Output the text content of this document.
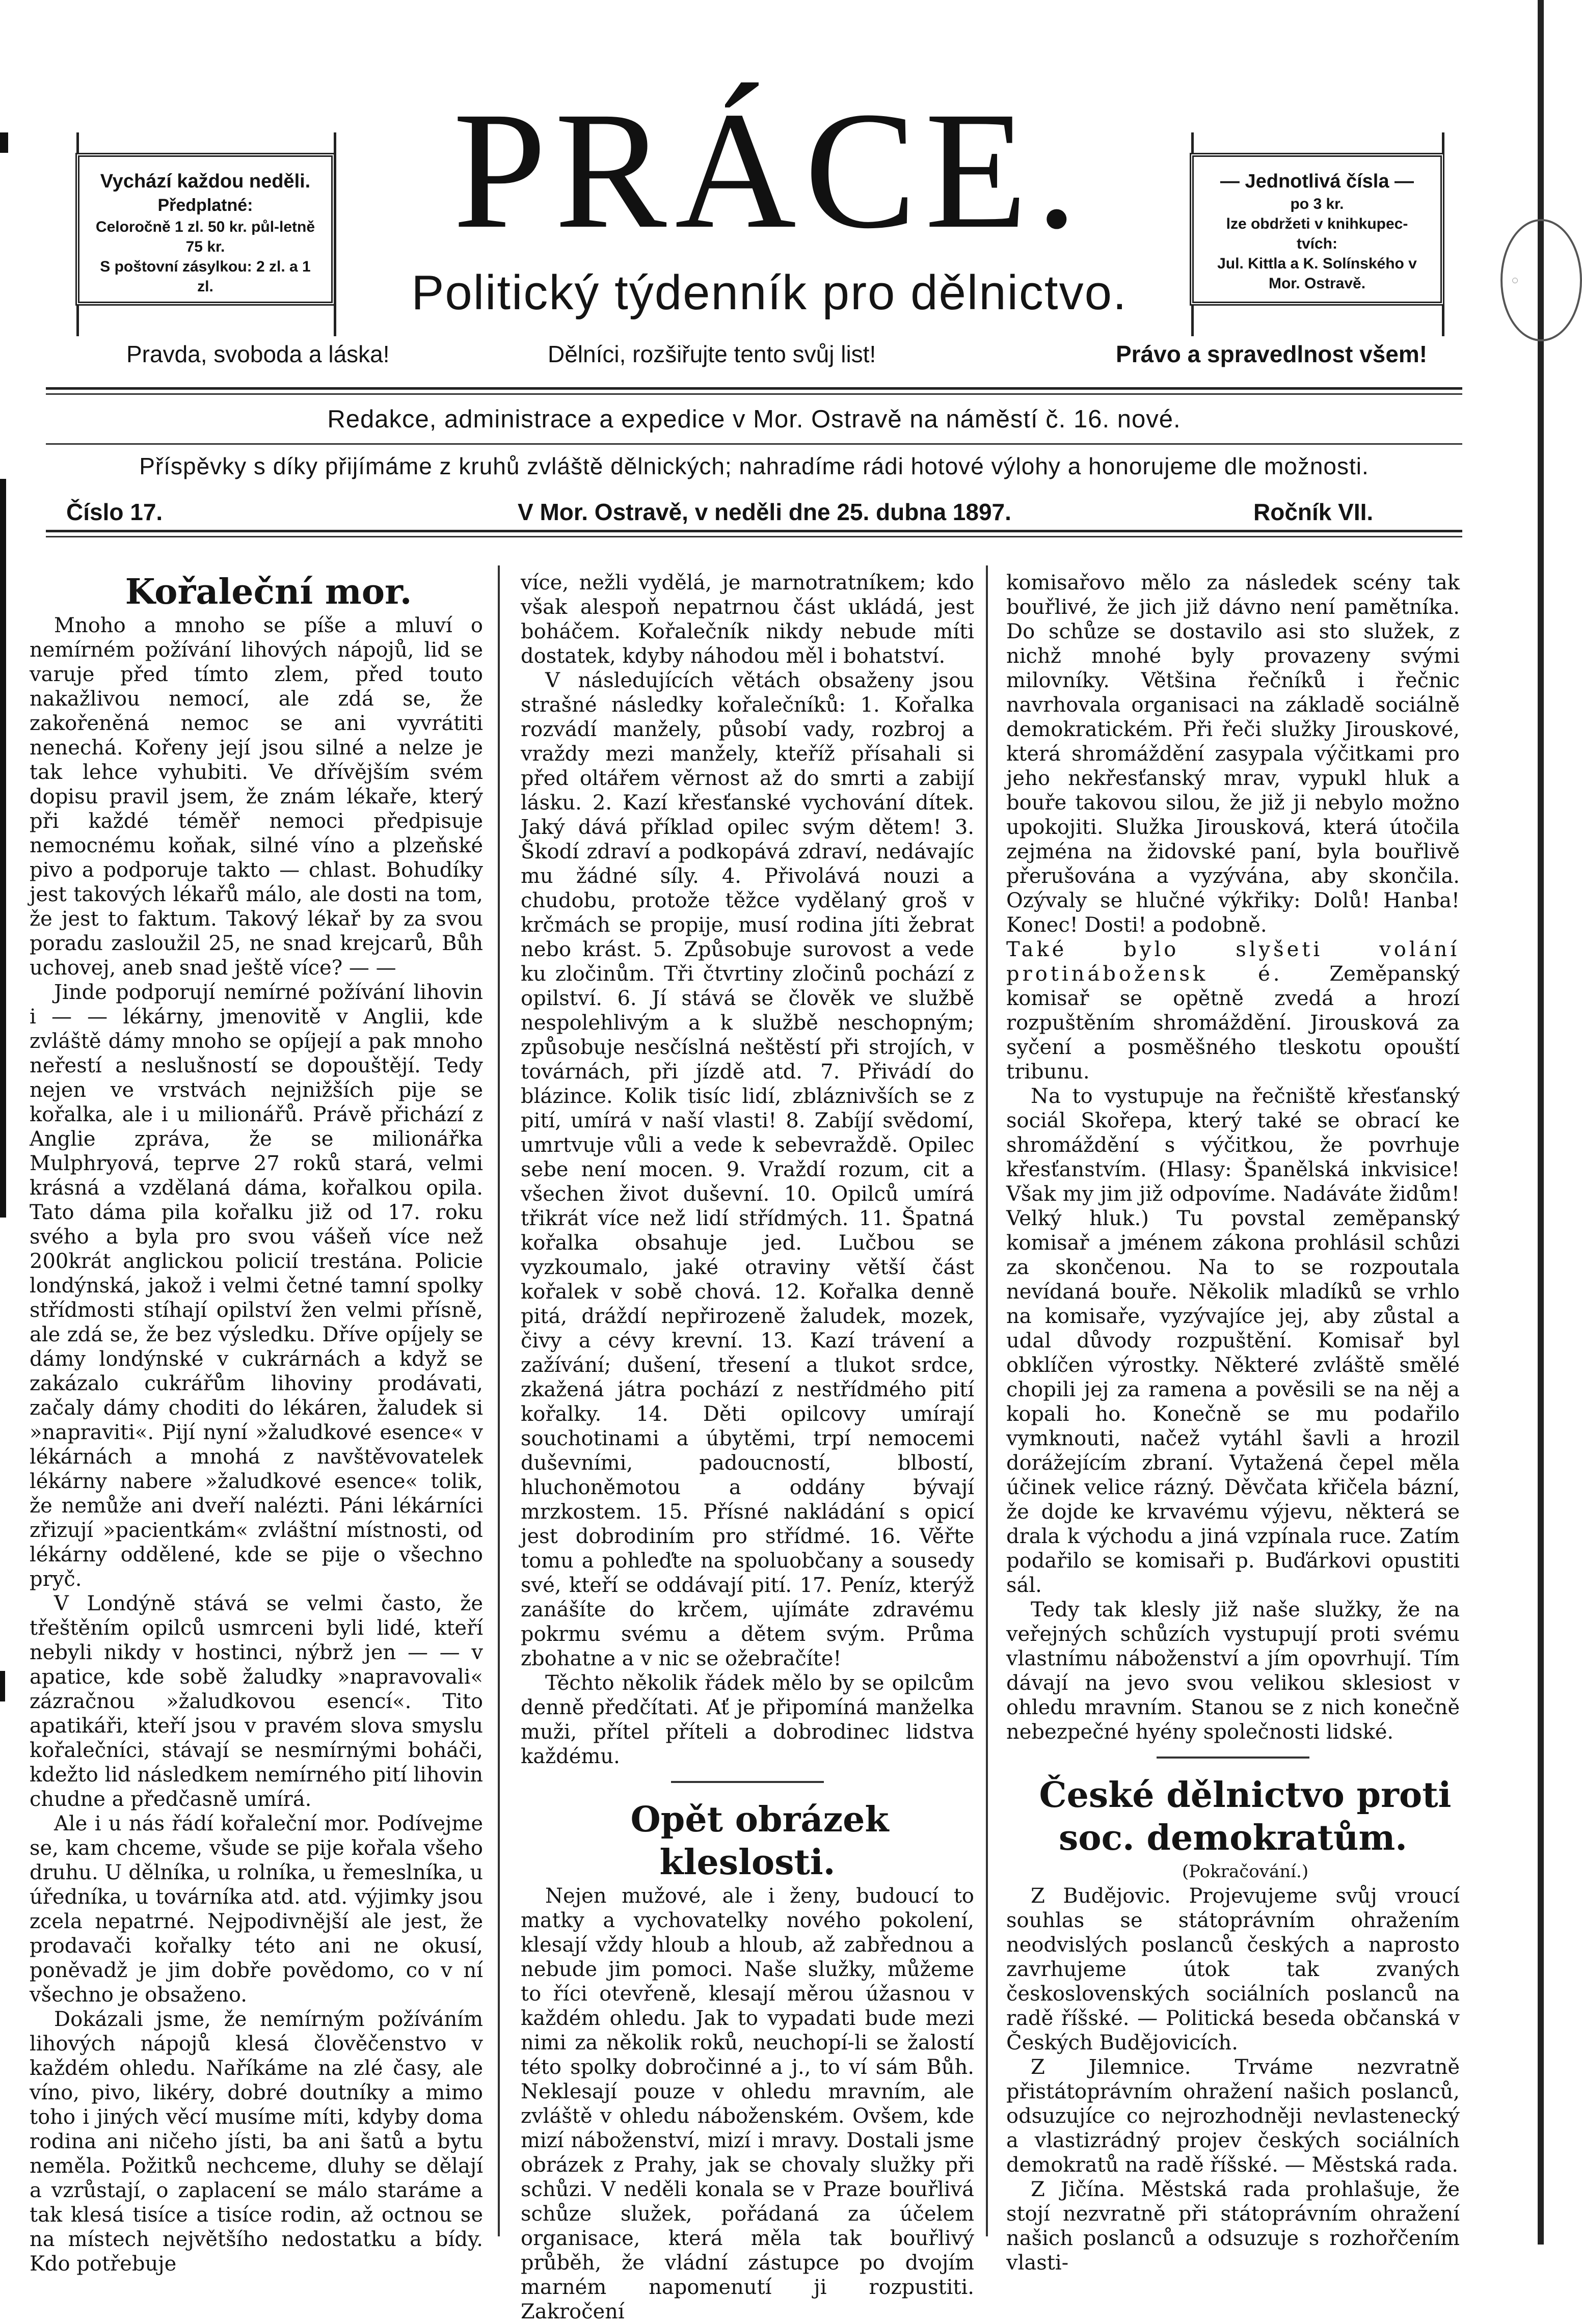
◌
PRÁCE.
Politický týdenník pro dělnictvo.
Vychází každou neděli.
Předplatné:
Celoročně 1 zl. 50 kr. půl-letně 75 kr.
S poštovní zásylkou: 2 zl. a 1 zl.
— Jednotlivá čísla —
po 3 kr.
lze obdržeti v knihkupec-tvích:
Jul. Kittla a K. Solínského v Mor. Ostravě.
Pravda, svoboda a láska!	Dělníci, rozšiřujte tento svůj list!	Právo a spravedlnost všem!
Redakce, administrace a expedice v Mor. Ostravě na náměstí č. 16. nové.
Příspěvky s díky přijímáme z kruhů zvláště dělnických; nahradíme rádi hotové výlohy a honorujeme dle možnosti.
Číslo 17.	V Mor. Ostravě, v neděli dne 25. dubna 1897.	Ročník VII.

Kořaleční mor.

Mnoho a mnoho se píše a mluví o nemírném požívání lihových nápojů, lid se varuje před tímto zlem, před touto nakažlivou nemocí, ale zdá se, že zakořeněná nemoc se ani vyvrátiti nenechá. Kořeny její jsou silné a nelze je tak lehce vyhubiti. Ve dřívějším svém dopisu pravil jsem, že znám lékaře, který při každé téměř nemoci předpisuje nemocnému koňak, silné víno a plzeňské pivo a podporuje takto — chlast. Bohudíky jest takových lékařů málo, ale dosti na tom, že jest to faktum. Takový lékař by za svou poradu zasloužil 25, ne snad krejcarů, Bůh uchovej, aneb snad ještě více? — —

Jinde podporují nemírné požívání lihovin i — — lékárny, jmenovitě v Anglii, kde zvláště dámy mnoho se opíjejí a pak mnoho neřestí a neslušností se dopouštějí. Tedy nejen ve vrstvách nejnižších pije se kořalka, ale i u milionářů. Právě přichází z Anglie zpráva, že se milionářka Mulphryová, teprve 27 roků stará, velmi krásná a vzdělaná dáma, kořalkou opila. Tato dáma pila kořalku již od 17. roku svého a byla pro svou vášeň více než 200krát anglickou policií trestána. Policie londýnská, jakož i velmi četné tamní spolky střídmosti stíhají opilství žen velmi přísně, ale zdá se, že bez výsledku. Dříve opíjely se dámy londýnské v cukrárnách a když se zakázalo cukrářům lihoviny prodávati, začaly dámy choditi do lékáren, žaludek si »napraviti«. Pijí nyní »žaludkové esence« v lékárnách a mnohá z navštěvovatelek lékárny nabere »žaludkové esence« tolik, že nemůže ani dveří nalézti. Páni lékárníci zřizují »pacientkám« zvláštní místnosti, od lékárny oddělené, kde se pije o všechno pryč.

V Londýně stává se velmi často, že třeštěním opilců usmrceni byli lidé, kteří nebyli nikdy v hostinci, nýbrž jen — — v apatice, kde sobě žaludky »napravovali« zázračnou »žaludkovou esencí«. Tito apatikáři, kteří jsou v pravém slova smyslu kořalečníci, stávají se nesmírnými boháči, kdežto lid následkem nemírného pití lihovin chudne a předčasně umírá.

Ale i u nás řádí kořaleční mor. Podívejme se, kam chceme, všude se pije kořala všeho druhu. U dělníka, u rolníka, u řemeslníka, u úředníka, u továrníka atd. atd. výjimky jsou zcela nepatrné. Nejpodivnější ale jest, že prodavači kořalky této ani ne okusí, poněvadž je jim dobře povědomo, co v ní všechno je obsaženo.

Dokázali jsme, že nemírným požíváním lihových nápojů klesá člověčenstvo v každém ohledu. Naříkáme na zlé časy, ale víno, pivo, likéry, dobré doutníky a mimo toho i jiných věcí musíme míti, kdyby doma rodina ani ničeho jísti, ba ani šatů a bytu neměla. Požitků nechceme, dluhy se dělají a vzrůstají, o zaplacení se málo staráme a tak klesá tisíce a tisíce rodin, až octnou se na místech největšího nedostatku a bídy. Kdo potřebuje

více, nežli vydělá, je marnotratníkem; kdo však alespoň nepatrnou část ukládá, jest boháčem. Kořalečník nikdy nebude míti dostatek, kdyby náhodou měl i bohatství.

V následujících větách obsaženy jsou strašné následky kořalečníků: 1. Kořalka rozvádí manžely, působí vady, rozbroj a vraždy mezi manžely, kteříž přísahali si před oltářem věrnost až do smrti a zabijí lásku. 2. Kazí křesťanské vychování dítek. Jaký dává příklad opilec svým dětem! 3. Škodí zdraví a podkopává zdraví, nedávajíc mu žádné síly. 4. Přivolává nouzi a chudobu, protože těžce vydělaný groš v krčmách se propije, musí rodina jíti žebrat nebo krást. 5. Způsobuje surovost a vede ku zločinům. Tři čtvrtiny zločinů pochází z opilství. 6. Jí stává se člověk ve službě nespolehlivým a k službě neschopným; způsobuje nesčíslná neštěstí při strojích, v továrnách, při jízdě atd. 7. Přivádí do blázince. Kolik tisíc lidí, zbláznivších se z pití, umírá v naší vlasti! 8. Zabíjí svědomí, umrtvuje vůli a vede k sebevraždě. Opilec sebe není mocen. 9. Vraždí rozum, cit a všechen život duševní. 10. Opilců umírá třikrát více než lidí střídmých. 11. Špatná kořalka obsahuje jed. Lučbou se vyzkoumalo, jaké otraviny větší část kořalek v sobě chová. 12. Kořalka denně pitá, dráždí nepřirozeně žaludek, mozek, čivy a cévy krevní. 13. Kazí trávení a zažívání; dušení, třesení a tlukot srdce, zkažená játra pochází z nestřídmého pití kořalky. 14. Děti opilcovy umírají souchotinami a úbytěmi, trpí nemocemi duševními, padoucností, blbostí, hluchoněmotou a oddány bývají mrzkostem. 15. Přísné nakládání s opicí jest dobrodiním pro střídmé. 16. Věřte tomu a pohleďte na spoluobčany a sousedy své, kteří se oddávají pití. 17. Peníz, kterýž zanášíte do krčem, ujímáte zdravému pokrmu svému a dětem svým. Průma zbohatne a v nic se ožebračíte!

Těchto několik řádek mělo by se opilcům denně předčítati. Ať je připomíná manželka muži, přítel příteli a dobrodinec lidstva každému.

Opět obrázek kleslosti.

Nejen mužové, ale i ženy, budoucí to matky a vychovatelky nového pokolení, klesají vždy hloub a hloub, až zabřednou a nebude jim pomoci. Naše služky, můžeme to říci otevřeně, klesají měrou úžasnou v každém ohledu. Jak to vypadati bude mezi nimi za několik roků, neuchopí-li se žalostí této spolky dobročinné a j., to ví sám Bůh. Neklesají pouze v ohledu mravním, ale zvláště v ohledu náboženském. Ovšem, kde mizí náboženství, mizí i mravy. Dostali jsme obrázek z Prahy, jak se chovaly služky při schůzi. V neděli konala se v Praze bouřlivá schůze služek, pořádaná za účelem organisace, která měla tak bouřlivý průběh, že vládní zástupce po dvojím marném napomenutí ji rozpustiti. Zakročení

komisařovo mělo za následek scény tak bouřlivé, že jich již dávno není pamětníka. Do schůze se dostavilo asi sto služek, z nichž mnohé byly provazeny svými milovníky. Většina řečníků i řečnic navrhovala organisaci na základě sociálně demokratickém. Při řeči služky Jirouskové, která shromáždění zasypala výčitkami pro jeho nekřesťanský mrav, vypukl hluk a bouře takovou silou, že již ji nebylo možno upokojiti. Služka Jirousková, která útočila zejména na židovské paní, byla bouřlivě přerušována a vyzývána, aby skončila. Ozývaly se hlučné výkřiky: Dolů! Hanba! Konec! Dosti! a podobně.

Také bylo slyšeti volání protinábožensk é. Zeměpanský komisař se opětně zvedá a hrozí rozpuštěním shromáždění. Jirousková za syčení a posměšného tleskotu opouští tribunu.

Na to vystupuje na řečniště křesťanský sociál Skořepa, který také se obrací ke shromáždění s výčitkou, že povrhuje křesťanstvím. (Hlasy: Španělská inkvisice! Však my jim již odpovíme. Nadáváte židům! Velký hluk.) Tu povstal zeměpanský komisař a jménem zákona prohlásil schůzi za skončenou. Na to se rozpoutala nevídaná bouře. Několik mladíků se vrhlo na komisaře, vyzývajíce jej, aby zůstal a udal důvody rozpuštění. Komisař byl obklíčen výrostky. Některé zvláště smělé chopili jej za ramena a pověsili se na něj a kopali ho. Konečně se mu podařilo vymknouti, načež vytáhl šavli a hrozil dorážejícím zbraní. Vytažená čepel měla účinek velice rázný. Děvčata křičela bázní, že dojde ke krvavému výjevu, některá se drala k východu a jiná vzpínala ruce. Zatím podařilo se komisaři p. Buďárkovi opustiti sál.

Tedy tak klesly již naše služky, že na veřejných schůzích vystupují proti svému vlastnímu náboženství a jím opovrhují. Tím dávají na jevo svou velikou sklesiost v ohledu mravním. Stanou se z nich konečně nebezpečné hyény společnosti lidské.

České dělnictvo proti soc. demokratům.

(Pokračování.)

Z Budějovic. Projevujeme svůj vroucí souhlas se státoprávním ohražením neodvislých poslanců českých a naprosto zavrhujeme útok tak zvaných československých sociálních poslanců na radě říšské. — Politická beseda občanská v Českých Budějovicích.

Z Jilemnice. Trváme nezvratně přistátoprávním ohražení našich poslanců, odsuzujíce co nejrozhodněji nevlastenecký a vlastizrádný projev českých sociálních demokratů na radě říšské. — Městská rada.

Z Jičína. Městská rada prohlašuje, že stojí nezvratně při státoprávním ohražení našich poslanců a odsuzuje s rozhořčením vlasti-
